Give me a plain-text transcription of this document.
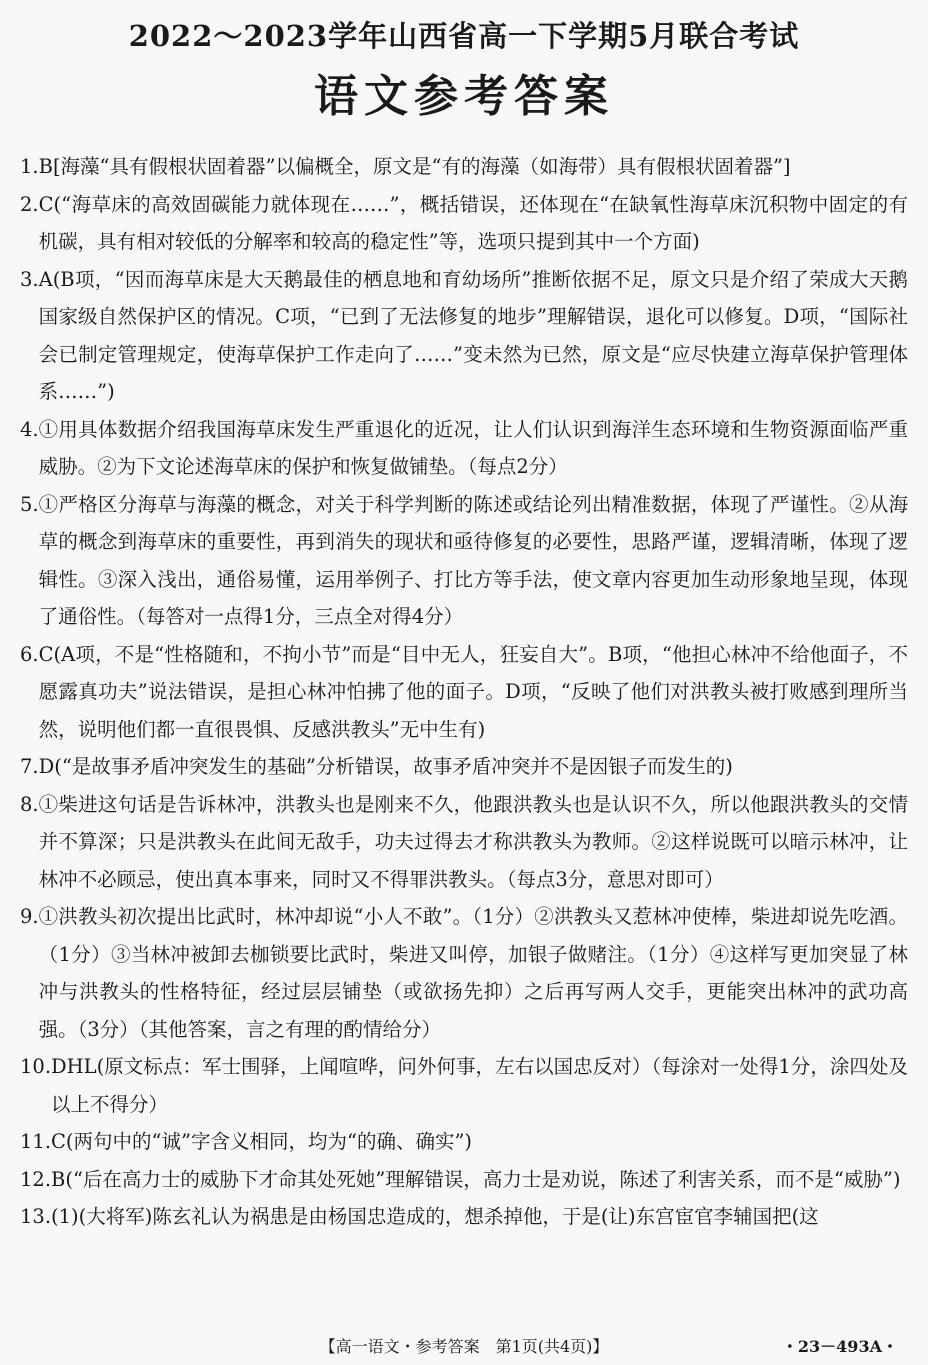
2022～2023学年山西省高一下学期5月联合考试
语文参考答案
1. B[海藻“具有假根状固着器”以偏概全，原文是“有的海藻（如海带）具有假根状固着器”]
2. C(“海草床的高效固碳能力就体现在……”，概括错误，还体现在“在缺氧性海草床沉积物中固定的有机碳，具有相对较低的分解率和较高的稳定性”等，选项只提到其中一个方面)
3. A(B项，“因而海草床是大天鹅最佳的栖息地和育幼场所”推断依据不足，原文只是介绍了荣成大天鹅国家级自然保护区的情况。C项，“已到了无法修复的地步”理解错误，退化可以修复。D项，“国际社会已制定管理规定，使海草保护工作走向了……”变未然为已然，原文是“应尽快建立海草保护管理体系……”)
4. ①用具体数据介绍我国海草床发生严重退化的近况，让人们认识到海洋生态环境和生物资源面临严重威胁。②为下文论述海草床的保护和恢复做铺垫。（每点2分）
5. ①严格区分海草与海藻的概念，对关于科学判断的陈述或结论列出精准数据，体现了严谨性。②从海草的概念到海草床的重要性，再到消失的现状和亟待修复的必要性，思路严谨，逻辑清晰，体现了逻辑性。③深入浅出，通俗易懂，运用举例子、打比方等手法，使文章内容更加生动形象地呈现，体现了通俗性。（每答对一点得1分，三点全对得4分）
6. C(A项，不是“性格随和，不拘小节”而是“目中无人，狂妄自大”。B项，“他担心林冲不给他面子，不愿露真功夫”说法错误，是担心林冲怕拂了他的面子。D项，“反映了他们对洪教头被打败感到理所当然，说明他们都一直很畏惧、反感洪教头”无中生有)
7. D(“是故事矛盾冲突发生的基础”分析错误，故事矛盾冲突并不是因银子而发生的)
8. ①柴进这句话是告诉林冲，洪教头也是刚来不久，他跟洪教头也是认识不久，所以他跟洪教头的交情并不算深；只是洪教头在此间无敌手，功夫过得去才称洪教头为教师。②这样说既可以暗示林冲，让林冲不必顾忌，使出真本事来，同时又不得罪洪教头。（每点3分，意思对即可）
9. ①洪教头初次提出比武时，林冲却说“小人不敢”。（1分）②洪教头又惹林冲使棒，柴进却说先吃酒。（1分）③当林冲被卸去枷锁要比武时，柴进又叫停，加银子做赌注。（1分）④这样写更加突显了林冲与洪教头的性格特征，经过层层铺垫（或欲扬先抑）之后再写两人交手，更能突出林冲的武功高强。（3分）（其他答案，言之有理的酌情给分）
10. DHL(原文标点：军士围驿，上闻喧哗，问外何事，左右以国忠反对）（每涂对一处得1分，涂四处及以上不得分）
11. C(两句中的“诚”字含义相同，均为“的确、确实”)
12. B(“后在高力士的威胁下才命其处死她”理解错误，高力士是劝说，陈述了利害关系，而不是“威胁”)
13. (1)(大将军)陈玄礼认为祸患是由杨国忠造成的，想杀掉他，于是(让)东宫宦官李辅国把(这
【高一语文・参考答案　第1页(共4页)】	・23－493A・
